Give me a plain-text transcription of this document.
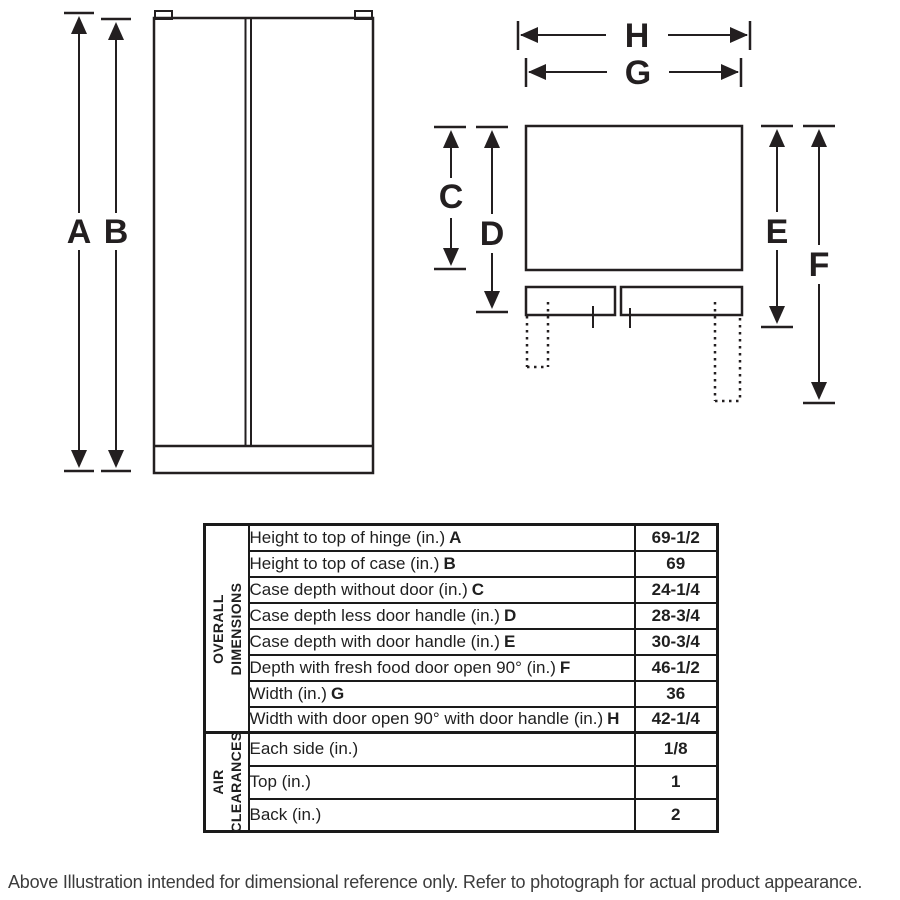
A B
H
G
C
D	E
F
OVERALL DIMENSIONS	Height to top of hinge (in.) A	69-1/2
	Height to top of case (in.) B	69
	Case depth without door (in.) C	24-1/4
	Case depth less door handle (in.) D	28-3/4
	Case depth with door handle (in.) E	30-3/4
	Depth with fresh food door open 90° (in.) F	46-1/2
	Width (in.) G	36
	Width with door open 90° with door handle (in.) H	42-1/4

AIR CLEARANCES	Each side (in.)	1/8
	Top (in.)	1
	Back (in.)	2
Above Illustration intended for dimensional reference only. Refer to photograph for actual product appearance.
